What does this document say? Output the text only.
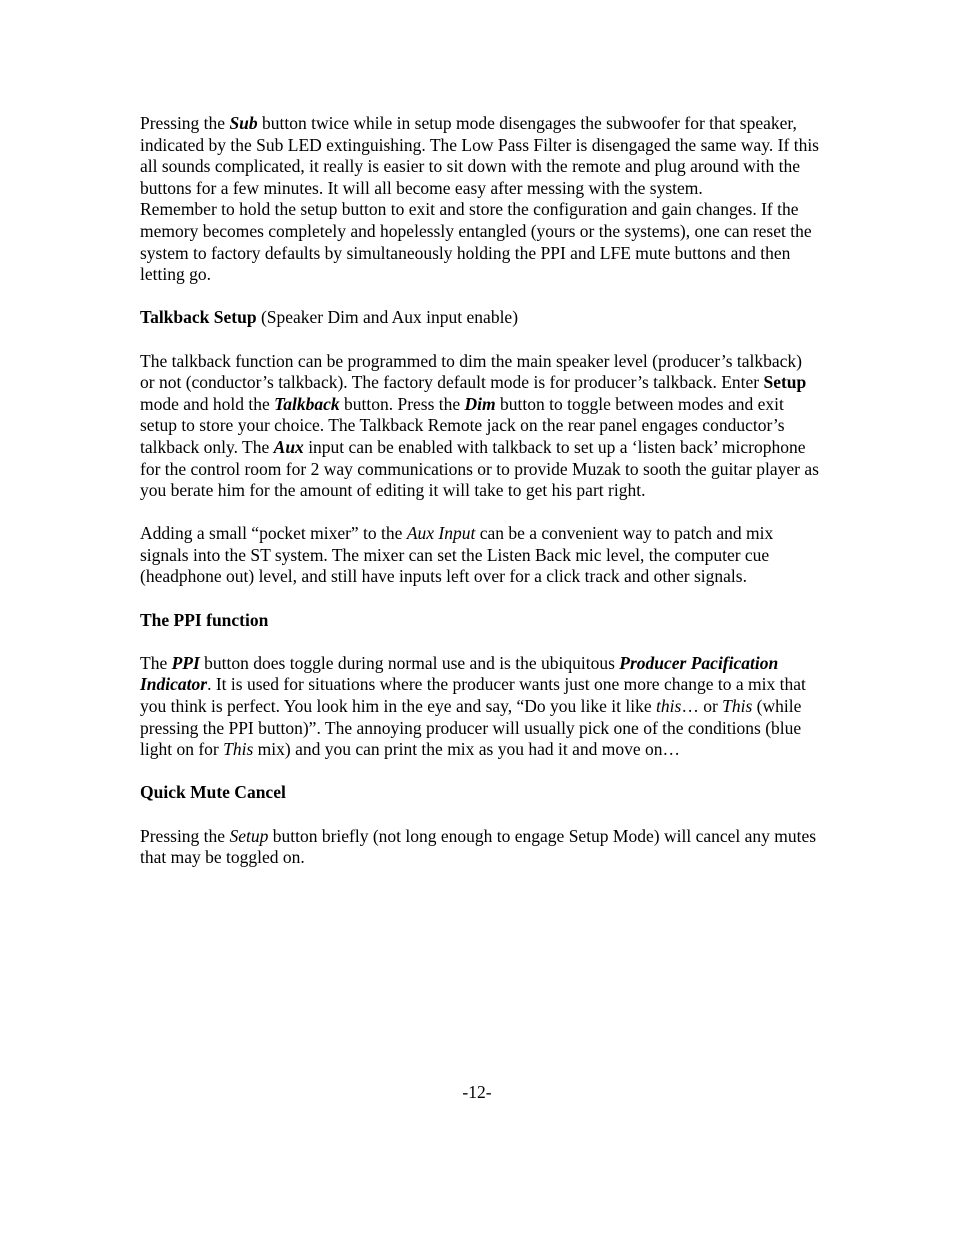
Pressing the Sub button twice while in setup mode disengages the subwoofer for that speaker, indicated by the Sub LED extinguishing. The Low Pass Filter is disengaged the same way. If this all sounds complicated, it really is easier to sit down with the remote and plug around with the buttons for a few minutes. It will all become easy after messing with the system.

Remember to hold the setup button to exit and store the configuration and gain changes. If the memory becomes completely and hopelessly entangled (yours or the systems), one can reset the system to factory defaults by simultaneously holding the PPI and LFE mute buttons and then letting go.

Talkback Setup (Speaker Dim and Aux input enable)

The talkback function can be programmed to dim the main speaker level (producer’s talkback) or not (conductor’s talkback). The factory default mode is for producer’s talkback. Enter Setup mode and hold the Talkback button. Press the Dim button to toggle between modes and exit setup to store your choice. The Talkback Remote jack on the rear panel engages conductor’s talkback only. The Aux input can be enabled with talkback to set up a ‘listen back’ microphone for the control room for 2 way communications or to provide Muzak to sooth the guitar player as you berate him for the amount of editing it will take to get his part right.

Adding a small “pocket mixer” to the Aux Input can be a convenient way to patch and mix signals into the ST system. The mixer can set the Listen Back mic level, the computer cue (headphone out) level, and still have inputs left over for a click track and other signals.

The PPI function

The PPI button does toggle during normal use and is the ubiquitous Producer Pacification Indicator. It is used for situations where the producer wants just one more change to a mix that you think is perfect. You look him in the eye and say, “Do you like it like this… or This (while pressing the PPI button)”. The annoying producer will usually pick one of the conditions (blue light on for This mix) and you can print the mix as you had it and move on…

Quick Mute Cancel

Pressing the Setup button briefly (not long enough to engage Setup Mode) will cancel any mutes that may be toggled on.

-12-
